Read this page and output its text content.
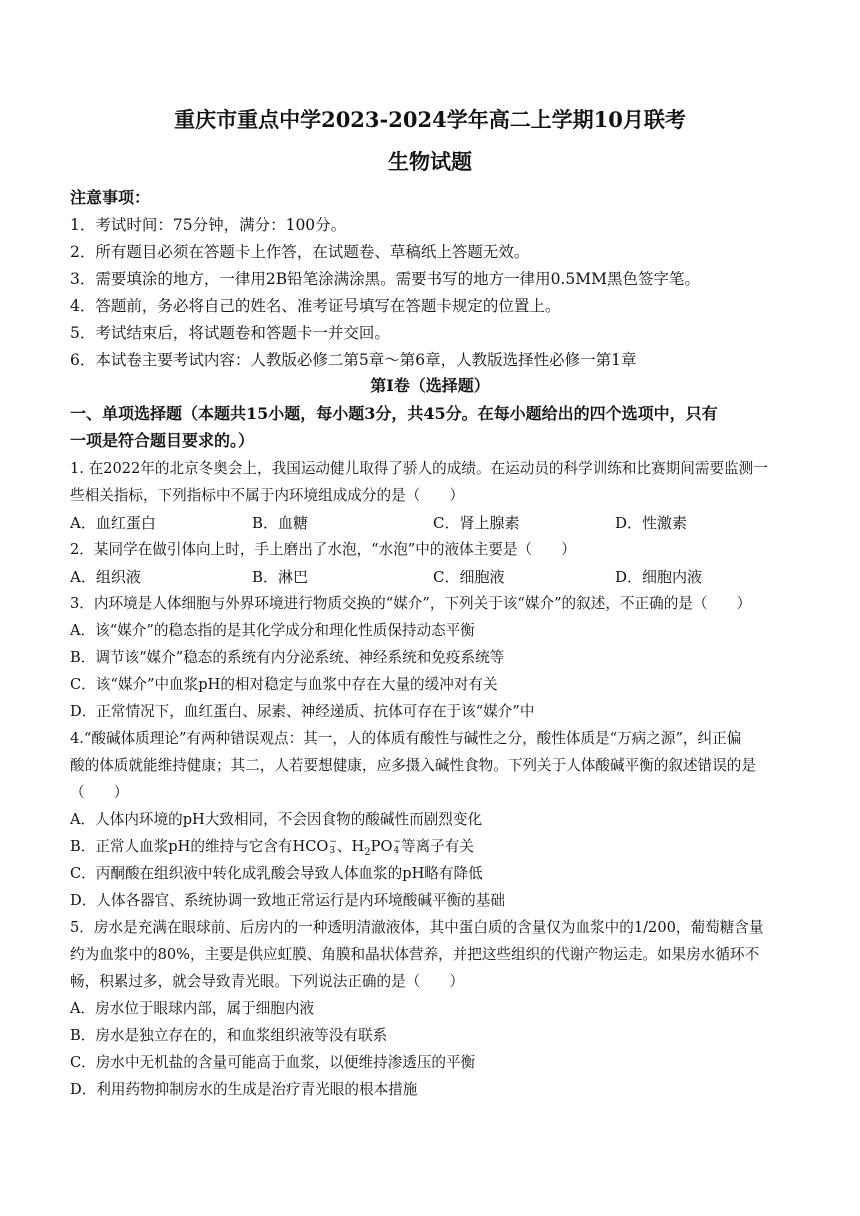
重庆市重点中学2023-2024学年高二上学期10月联考
生物试题
注意事项：
1．考试时间：75分钟，满分：100分。
2．所有题目必须在答题卡上作答，在试题卷、草稿纸上答题无效。
3．需要填涂的地方，一律用2B铅笔涂满涂黑。需要书写的地方一律用0.5MM黑色签字笔。
4．答题前，务必将自己的姓名、准考证号填写在答题卡规定的位置上。
5．考试结束后，将试题卷和答题卡一并交回。
6．本试卷主要考试内容：人教版必修二第5章～第6章，人教版选择性必修一第1章
第Ⅰ卷（选择题）
一、单项选择题（本题共15小题，每小题3分，共45分。在每小题给出的四个选项中，只有
一项是符合题目要求的。）
1. 在2022年的北京冬奥会上，我国运动健儿取得了骄人的成绩。在运动员的科学训练和比赛期间需要监测一
些相关指标，下列指标中不属于内环境组成成分的是（　　）
A．血红蛋白	B．血糖	C．肾上腺素	D．性激素
2．某同学在做引体向上时，手上磨出了水泡，“水泡”中的液体主要是（　　）
A．组织液	B．淋巴	C．细胞液	D．细胞内液
3．内环境是人体细胞与外界环境进行物质交换的“媒介”，下列关于该“媒介”的叙述，不正确的是（　　）
A．该“媒介”的稳态指的是其化学成分和理化性质保持动态平衡
B．调节该“媒介”稳态的系统有内分泌系统、神经系统和免疫系统等
C．该“媒介”中血浆pH的相对稳定与血浆中存在大量的缓冲对有关
D．正常情况下，血红蛋白、尿素、神经递质、抗体可存在于该“媒介”中
4.“酸碱体质理论”有两种错误观点：其一，人的体质有酸性与碱性之分，酸性体质是“万病之源”，纠正偏
酸的体质就能维持健康；其二，人若要想健康，应多摄入碱性食物。下列关于人体酸碱平衡的叙述错误的是
（　　）
A．人体内环境的pH大致相同，不会因食物的酸碱性而剧烈变化
B．正常人血浆pH的维持与它含有HCO −
3 、$H_2PO$ −
4 等离子有关
C．丙酮酸在组织液中转化成乳酸会导致人体血浆的pH略有降低
D．人体各器官、系统协调一致地正常运行是内环境酸碱平衡的基础
5．房水是充满在眼球前、后房内的一种透明清澈液体，其中蛋白质的含量仅为血浆中的1/200，葡萄糖含量
约为血浆中的80%，主要是供应虹膜、角膜和晶状体营养，并把这些组织的代谢产物运走。如果房水循环不
畅，积累过多，就会导致青光眼。下列说法正确的是（　　）
A．房水位于眼球内部，属于细胞内液
B．房水是独立存在的，和血浆组织液等没有联系
C．房水中无机盐的含量可能高于血浆，以便维持渗透压的平衡
D．利用药物抑制房水的生成是治疗青光眼的根本措施
